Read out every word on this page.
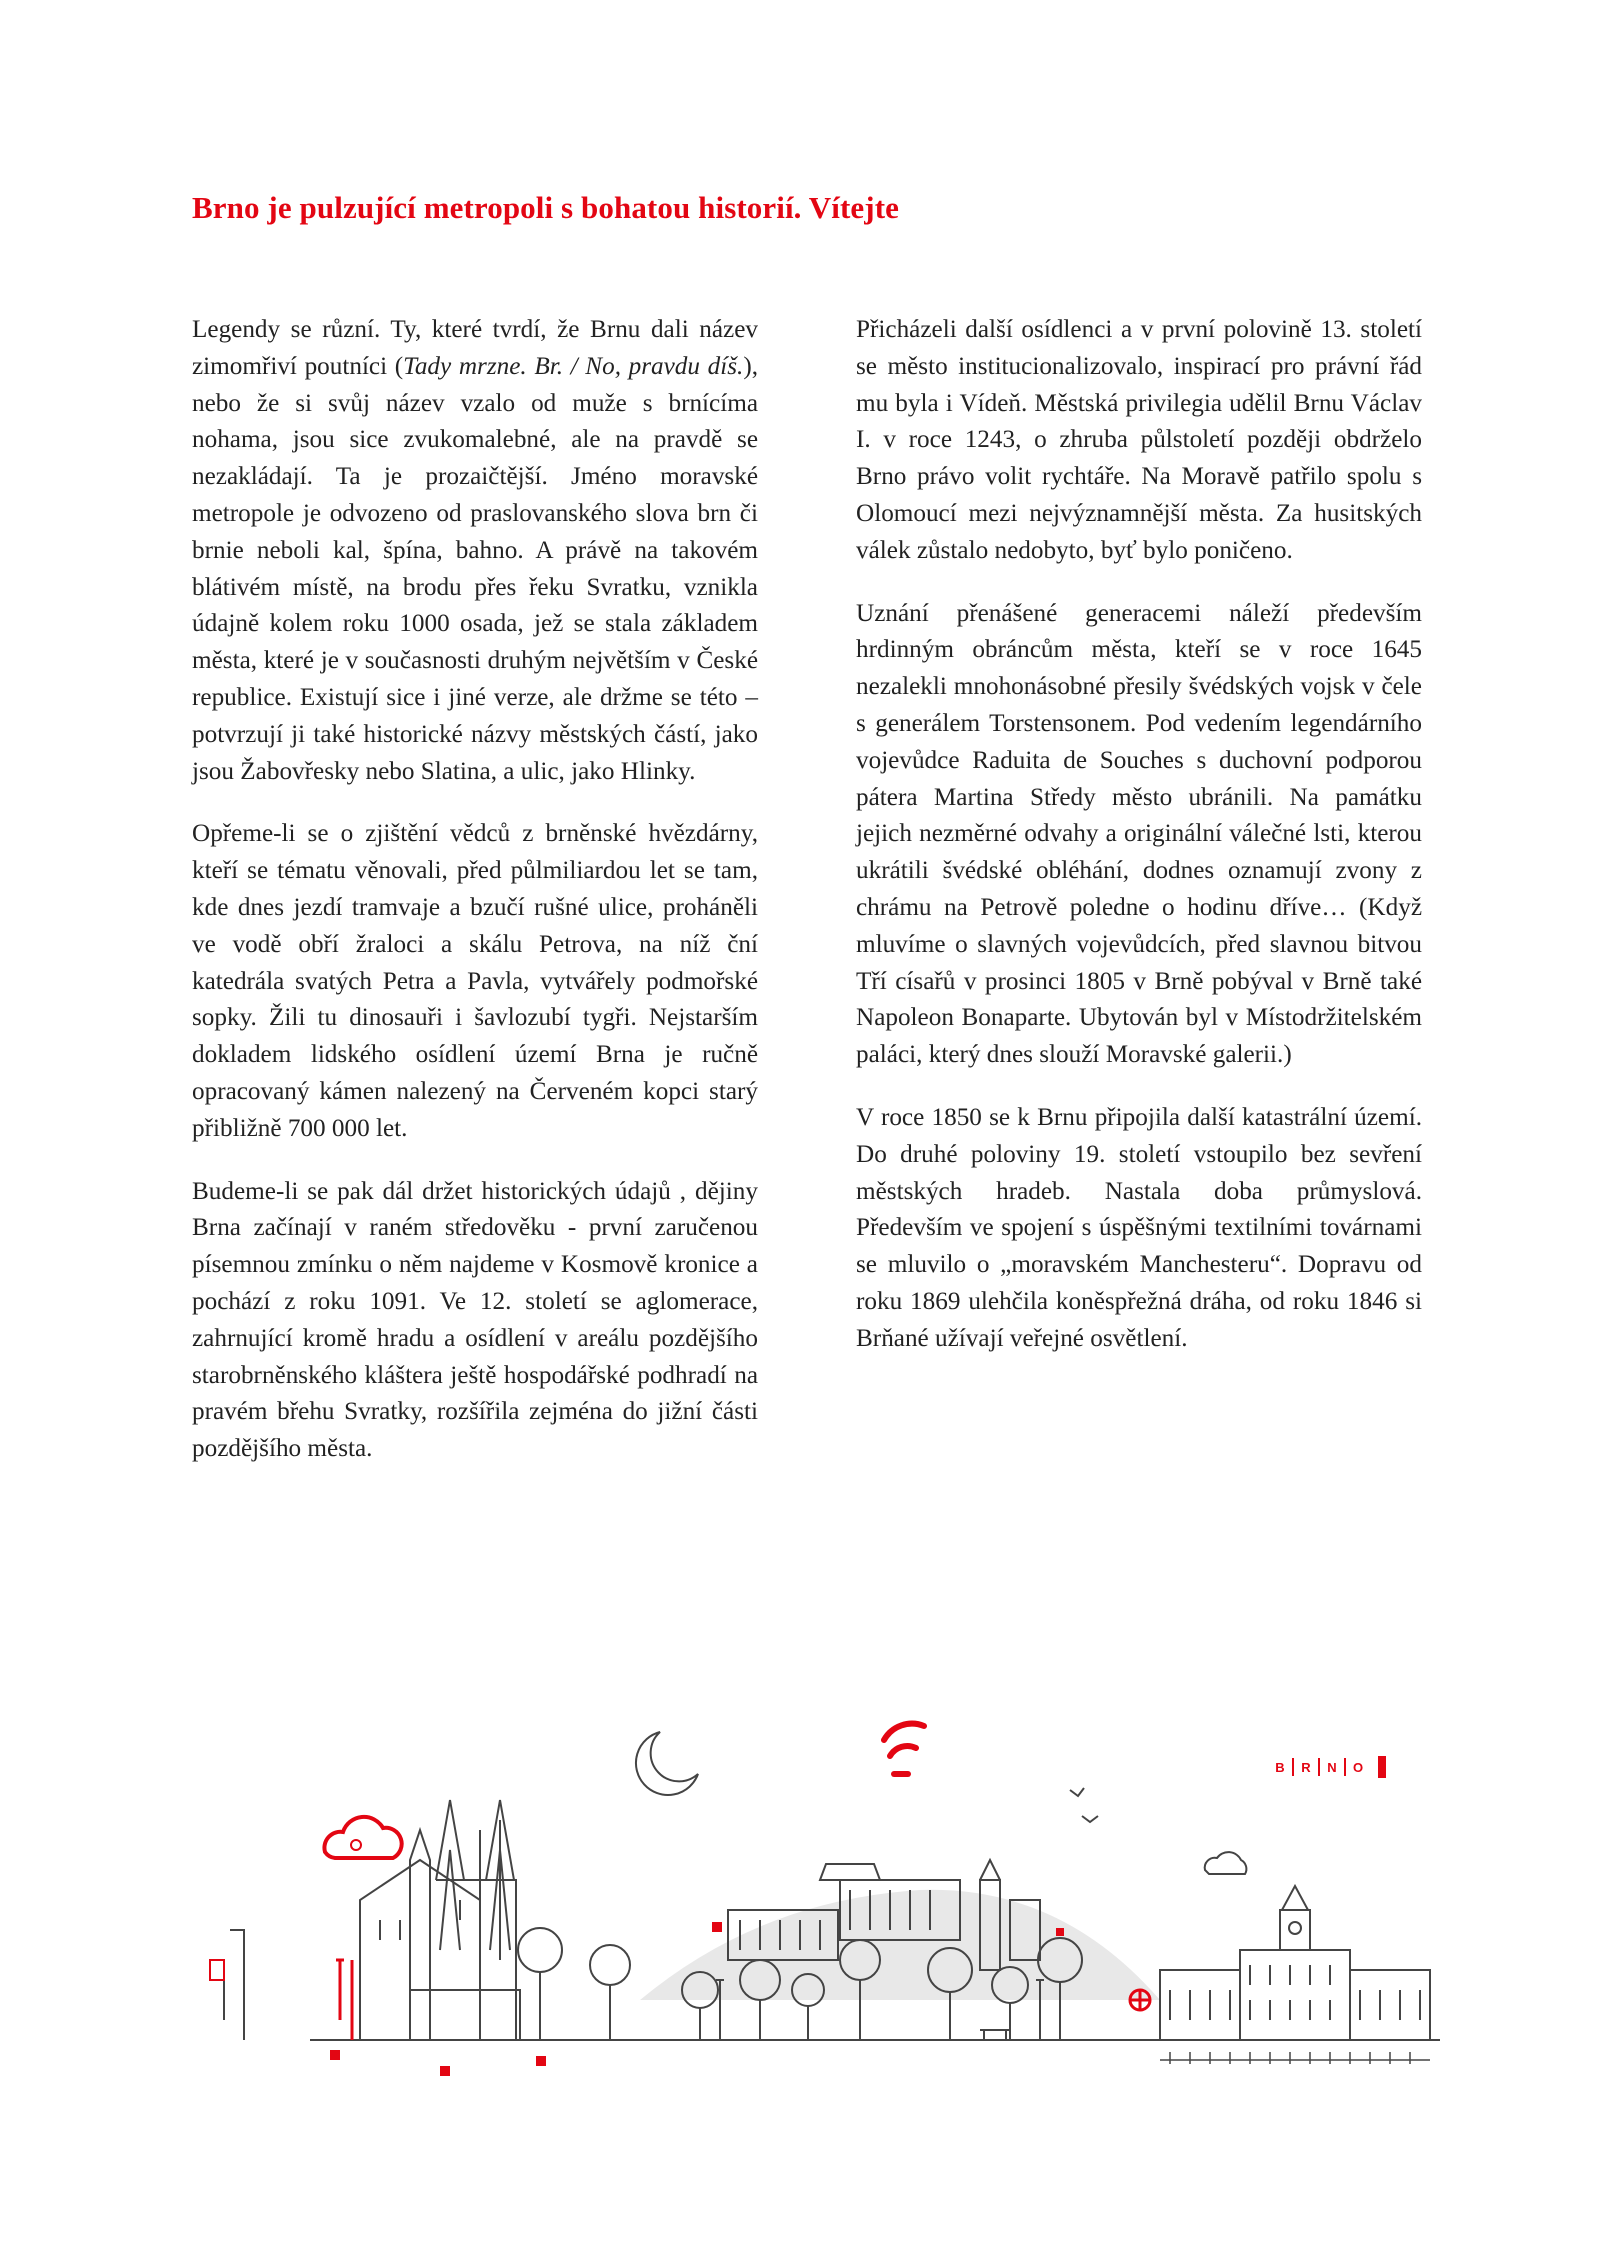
Brno je pulzující metropoli s bohatou historií. Vítejte

Legendy se různí. Ty, které tvrdí, že Brnu dali název zimomřiví poutníci (Tady mrzne. Br. / No, pravdu díš.), nebo že si svůj název vzalo od muže s brnícíma nohama, jsou sice zvukomalebné, ale na pravdě se nezakládají. Ta je prozaičtější. Jméno moravské metropole je odvozeno od praslovanského slova brn či brnie neboli kal, špína, bahno. A právě na takovém blátivém místě, na brodu přes řeku Svratku, vznikla údajně kolem roku 1000 osada, jež se stala základem města, které je v současnosti druhým největším v České republice. Existují sice i jiné verze, ale držme se této – potvrzují ji také historické názvy městských částí, jako jsou Žabovřesky nebo Slatina, a ulic, jako Hlinky.

Opřeme-li se o zjištění vědců z brněnské hvězdárny, kteří se tématu věnovali, před půlmiliardou let se tam, kde dnes jezdí tramvaje a bzučí rušné ulice, proháněli ve vodě obří žraloci a skálu Petrova, na níž ční katedrála svatých Petra a Pavla, vytvářely podmořské sopky. Žili tu dinosauři i šavlozubí tygři. Nejstarším dokladem lidského osídlení území Brna je ručně opracovaný kámen nalezený na Červeném kopci starý přibližně 700 000 let.

Budeme-li se pak dál držet historických údajů , dějiny Brna začínají v raném středověku - první zaručenou písemnou zmínku o něm najdeme v Kosmově kronice a pochází z roku 1091. Ve 12. století se aglomerace, zahrnující kromě hradu a osídlení v areálu pozdějšího starobrněnského kláštera ještě hospodářské podhradí na pravém břehu Svratky, rozšířila zejména do jižní části pozdějšího města.

Přicházeli další osídlenci a v první polovině 13. století se město institucionalizovalo, inspirací pro právní řád mu byla i Vídeň. Městská privilegia udělil Brnu Václav I. v roce 1243, o zhruba půlstoletí později obdrželo Brno právo volit rychtáře. Na Moravě patřilo spolu s Olomoucí mezi nejvýznamnější města. Za husitských válek zůstalo nedobyto, byť bylo poničeno.

Uznání přenášené generacemi náleží především hrdinným obráncům města, kteří se v roce 1645 nezalekli mnohonásobné přesily švédských vojsk v čele s generálem Torstensonem. Pod vedením legendárního vojevůdce Raduita de Souches s duchovní podporou pátera Martina Středy město ubránili. Na památku jejich nezměrné odvahy a originální válečné lsti, kterou ukrátili švédské obléhání, dodnes oznamují zvony z chrámu na Petrově poledne o hodinu dříve… (Když mluvíme o slavných vojevůdcích, před slavnou bitvou Tří císařů v prosinci 1805 v Brně pobýval v Brně také Napoleon Bonaparte. Ubytován byl v Místodržitelském paláci, který dnes slouží Moravské galerii.)

V roce 1850 se k Brnu připojila další katastrální území. Do druhé poloviny 19. století vstoupilo bez sevření městských hradeb. Nastala doba průmyslová. Především ve spojení s úspěšnými textilními továrnami se mluvilo o „moravském Manchesteru“. Dopravu od roku 1869 ulehčila koněspřežná dráha, od roku 1846 si Brňané užívají veřejné osvětlení.

B	R	N	O
